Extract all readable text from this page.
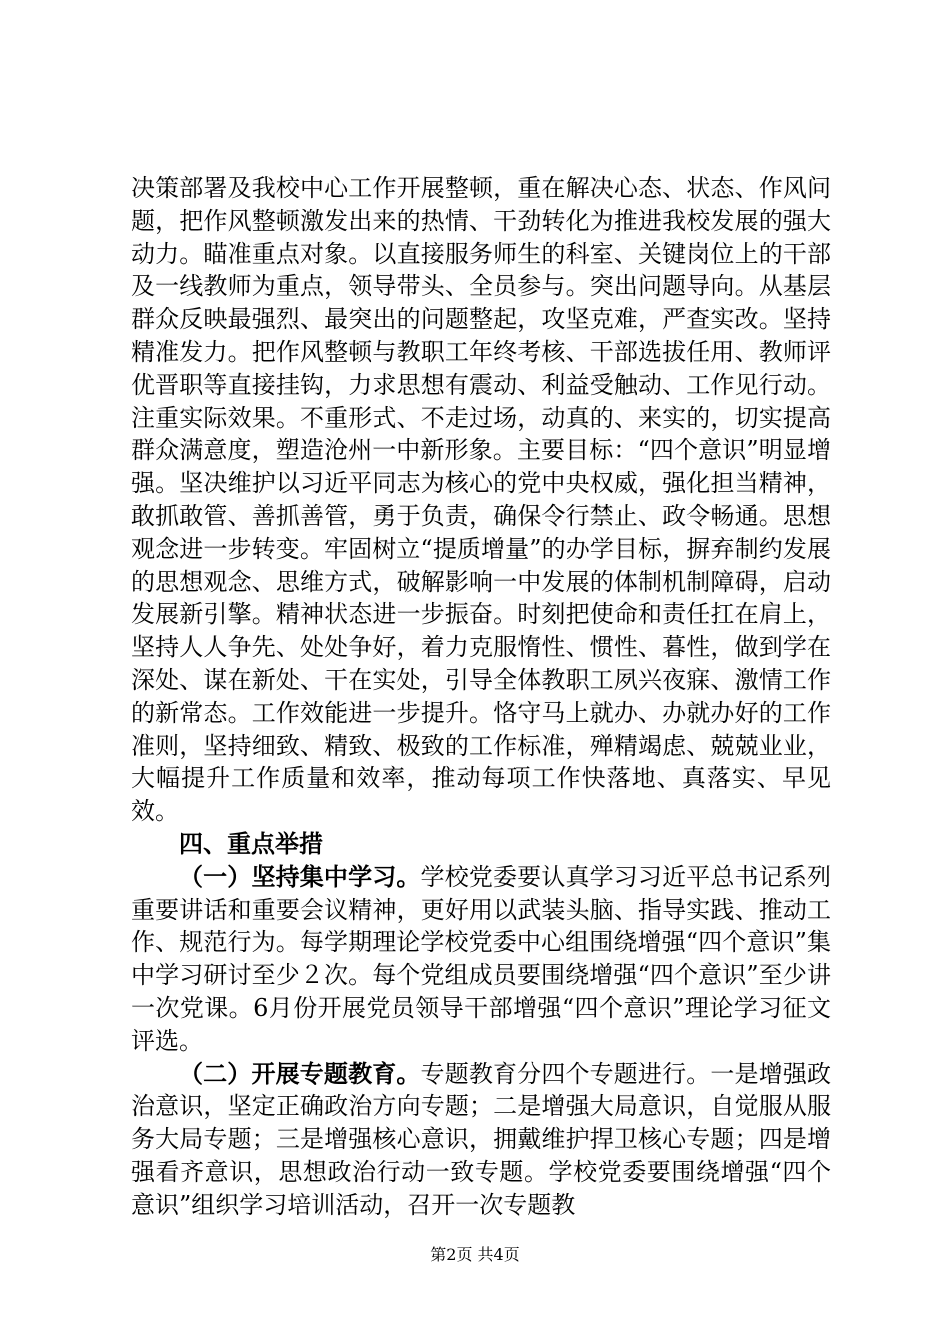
决策部署及我校中心工作开展整顿，重在解决心态、状态、作风问题，把作风整顿激发出来的热情、干劲转化为推进我校发展的强大动力。瞄准重点对象。以直接服务师生的科室、关键岗位上的干部及一线教师为重点，领导带头、全员参与。突出问题导向。从基层群众反映最强烈、最突出的问题整起，攻坚克难，严查实改。坚持精准发力。把作风整顿与教职工年终考核、干部选拔任用、教师评优晋职等直接挂钩，力求思想有震动、利益受触动、工作见行动。注重实际效果。不重形式、不走过场，动真的、来实的，切实提高群众满意度，塑造沧州一中新形象。主要目标：“四个意识”明显增强。坚决维护以习近平同志为核心的党中央权威，强化担当精神，敢抓敢管、善抓善管，勇于负责，确保令行禁止、政令畅通。思想观念进一步转变。牢固树立“提质增量”的办学目标，摒弃制约发展的思想观念、思维方式，破解影响一中发展的体制机制障碍，启动发展新引擎。精神状态进一步振奋。时刻把使命和责任扛在肩上，坚持人人争先、处处争好，着力克服惰性、惯性、暮性，做到学在深处、谋在新处、干在实处，引导全体教职工夙兴夜寐、激情工作的新常态。工作效能进一步提升。恪守马上就办、办就办好的工作准则，坚持细致、精致、极致的工作标准，殚精竭虑、兢兢业业，大幅提升工作质量和效率，推动每项工作快落地、真落实、早见效。

四、重点举措

（一）坚持集中学习。学校党委要认真学习习近平总书记系列重要讲话和重要会议精神，更好用以武装头脑、指导实践、推动工作、规范行为。每学期理论学校党委中心组围绕增强“四个意识”集中学习研讨至少２次。每个党组成员要围绕增强“四个意识”至少讲一次党课。6月份开展党员领导干部增强“四个意识”理论学习征文评选。

（二）开展专题教育。专题教育分四个专题进行。一是增强政治意识，坚定正确政治方向专题；二是增强大局意识，自觉服从服务大局专题；三是增强核心意识，拥戴维护捍卫核心专题；四是增强看齐意识，思想政治行动一致专题。学校党委要围绕增强“四个意识”组织学习培训活动，召开一次专题教

第2页 共4页
